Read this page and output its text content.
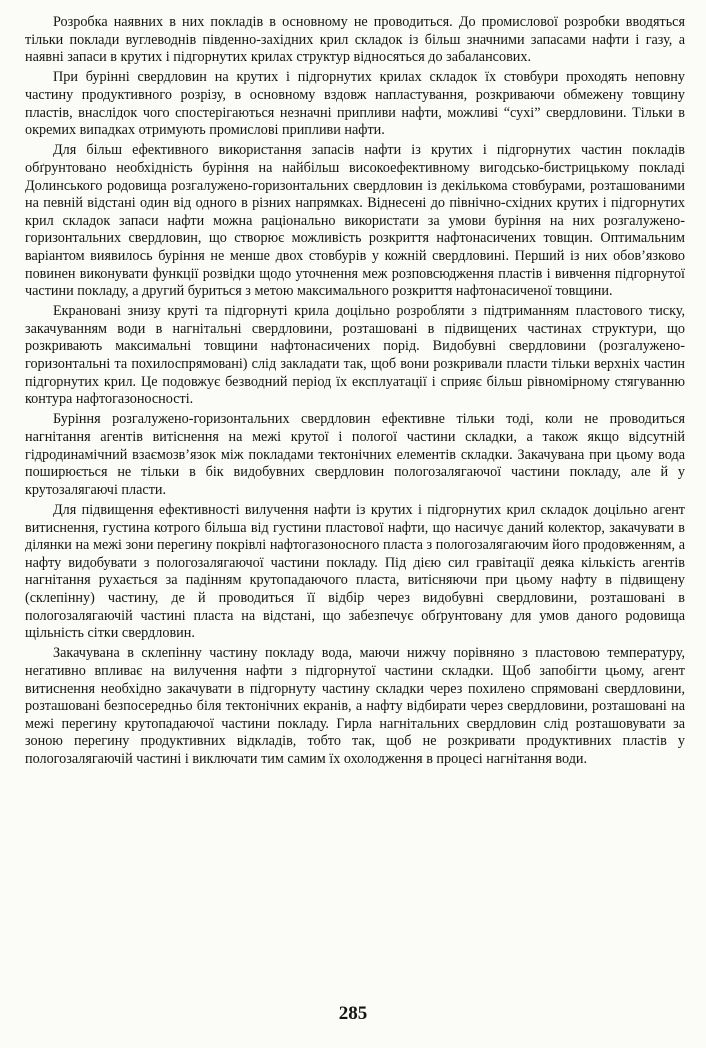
Розробка наявних в них покладів в основному не проводиться. До промислової розробки вводяться тільки поклади вуглеводнів південно-західних крил складок із більш значними запасами нафти і газу, а наявні запаси в крутих і підгорнутих крилах структур відносяться до забалансових.

При бурінні свердловин на крутих і підгорнутих крилах складок їх стовбури проходять неповну частину продуктивного розрізу, в основному вздовж напластування, розкриваючи обмежену товщину пластів, внаслідок чого спостерігаються незначні припливи нафти, можливі “сухі” свердловини. Тільки в окремих випадках отримують промислові припливи нафти.

Для більш ефективного використання запасів нафти із крутих і підгорнутих частин покладів обґрунтовано необхідність буріння на найбільш високоефективному вигодсько-бистрицькому покладі Долинського родовища розгалужено-горизонтальних свердловин із декількома стовбурами, розташованими на певній відстані один від одного в різних напрямках. Віднесені до північно-східних крутих і підгорнутих крил складок запаси нафти можна раціонально використати за умови буріння на них розгалужено-горизонтальних свердловин, що створює можливість розкриття нафтонасичених товщин. Оптимальним варіантом виявилось буріння не менше двох стовбурів у кожній свердловині. Перший із них обов’язково повинен виконувати функції розвідки щодо уточнення меж розповсюдження пластів і вивчення підгорнутої частини покладу, а другий буриться з метою максимального розкриття нафтонасиченої товщини.

Екрановані знизу круті та підгорнуті крила доцільно розробляти з підтриманням пластового тиску, закачуванням води в нагнітальні свердловини, розташовані в підвищених частинах структури, що розкривають максимальні товщини нафтонасичених порід. Видобувні свердловини (розгалужено-горизонтальні та похилоспрямовані) слід закладати так, щоб вони розкривали пласти тільки верхніх частин підгорнутих крил. Це подовжує безводний період їх експлуатації і сприяє більш рівномірному стягуванню контура нафтогазоносності.

Буріння розгалужено-горизонтальних свердловин ефективне тільки тоді, коли не проводиться нагнітання агентів витіснення на межі крутої і пологої частини складки, а також якщо відсутній гідродинамічний взаємозв’язок між покладами тектонічних елементів складки. Закачувана при цьому вода поширюється не тільки в бік видобувних свердловин пологозалягаючої частини покладу, але й у крутозалягаючі пласти.

Для підвищення ефективності вилучення нафти із крутих і підгорнутих крил складок доцільно агент витиснення, густина котрого більша від густини пластової нафти, що насичує даний колектор, закачувати в ділянки на межі зони перегину покрівлі нафтогазоносного пласта з пологозалягаючим його продовженням, а нафту видобувати з пологозалягаючої частини покладу. Під дією сил гравітації деяка кількість агентів нагнітання рухається за падінням крутопадаючого пласта, витісняючи при цьому нафту в підвищену (склепінну) частину, де й проводиться її відбір через видобувні свердловини, розташовані в пологозалягаючій частині пласта на відстані, що забезпечує обґрунтовану для умов даного родовища щільність сітки свердловин.

Закачувана в склепінну частину покладу вода, маючи нижчу порівняно з пластовою температуру, негативно впливає на вилучення нафти з підгорнутої частини складки. Щоб запобігти цьому, агент витиснення необхідно закачувати в підгорнуту частину складки через похилено спрямовані свердловини, розташовані безпосередньо біля тектонічних екранів, а нафту відбирати через свердловини, розташовані на межі перегину крутопадаючої частини покладу. Гирла нагнітальних свердловин слід розташовувати за зоною перегину продуктивних відкладів, тобто так, щоб не розкривати продуктивних пластів у пологозалягаючій частині і виключати тим самим їх охолодження в процесі нагнітання води.

285
